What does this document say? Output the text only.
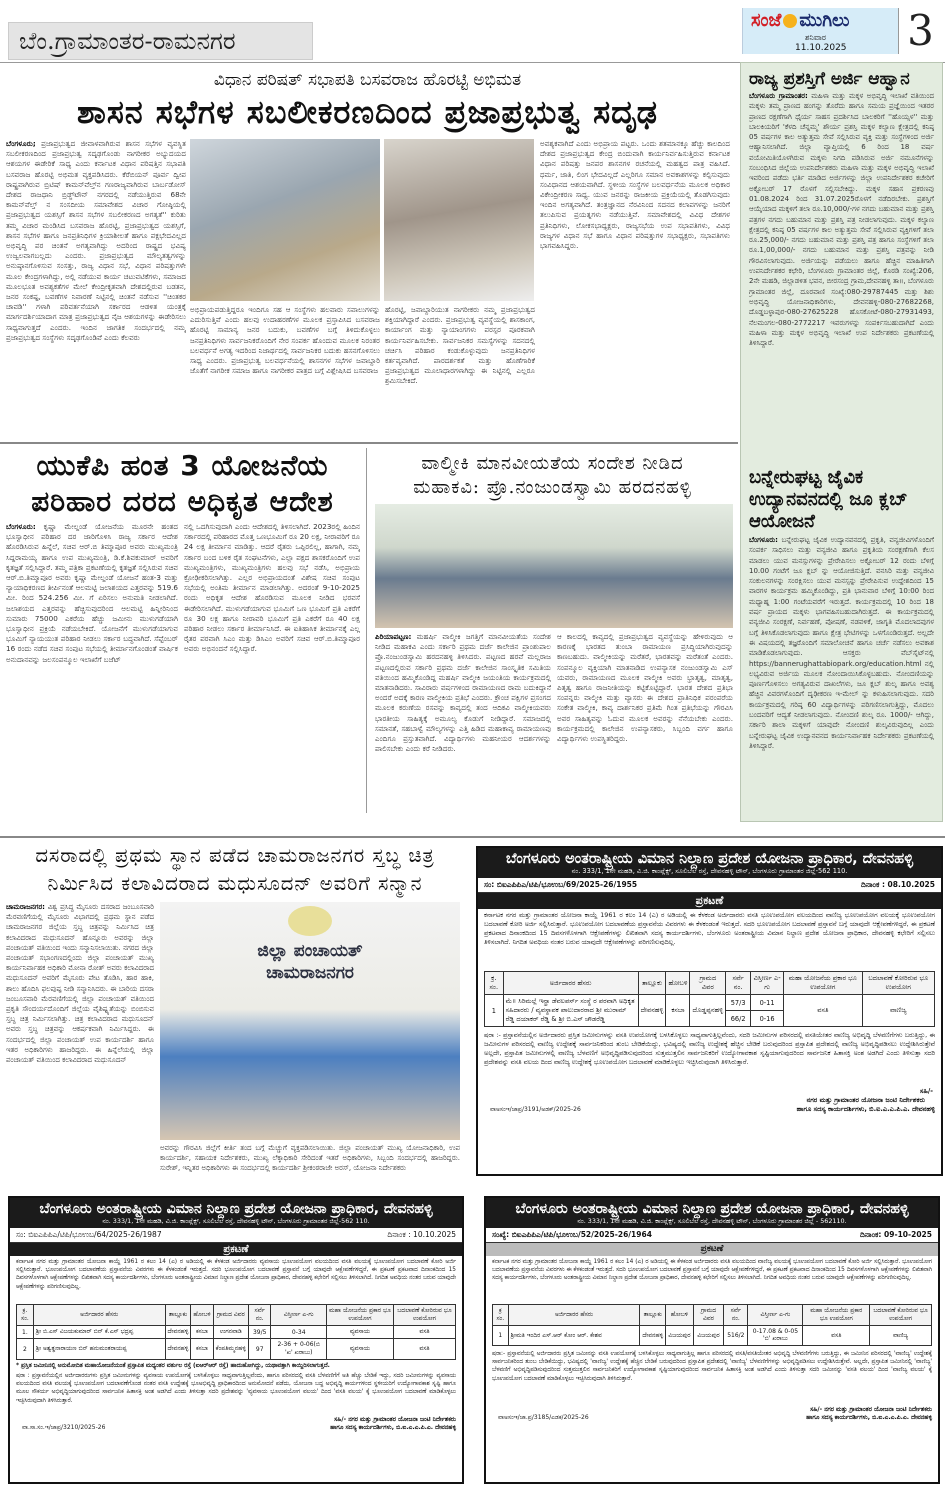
ಬೆಂ.ಗ್ರಾಮಾಂತರ-ರಾಮನಗರ
ಸಂಜೆ ಮುಗಿಲು
ಶನಿವಾರ
11.10.2025 3
ವಿಧಾನ ಪರಿಷತ್ ಸಭಾಪತಿ ಬಸವರಾಜ ಹೊರಟ್ಟಿ ಅಭಿಮತ
ಶಾಸನ ಸಭೆಗಳ ಸಬಲೀಕರಣದಿಂದ ಪ್ರಜಾಪ್ರಭುತ್ವ ಸದೃಢ
ಬೆಂಗಳೂರು; ಪ್ರಜಾಪ್ರಭುತ್ವದ ಜೀವಾಳವಾಗಿರುವ ಶಾಸನ ಸಭೆಗಳ ವ್ಯವಸ್ಥಿತ ಸಬಲೀಕರಣದಿಂದ ಪ್ರಜಾಪ್ರಭುತ್ವ ಸದೃಢಗೊಂಡು ನಾಗರೀಕರ ಅಭ್ಯುದಯದ ಆಶಯಗಳ ಈಡೇರಿಕೆ ಸಾಧ್ಯ ಎಂದು ಕರ್ನಾಟಕ ವಿಧಾನ ಪರಿಷತ್ತಿನ ಸಭಾಪತಿ ಬಸವರಾಜ ಹೊರಟ್ಟಿ ಅಭಿಮತ ವ್ಯಕ್ತಪಡಿಸಿದರು. ಕೆರೆಬಿಯನ್ ಪೂರ್ವ ದ್ವೀಪ ರಾಷ್ಟ್ರವಾಗಿರುವ ಬ್ರಿಟಿಷ್ ಕಾಮನ್‌ವೆಲ್ತ್‌ನ ಗಣರಾಜ್ಯವಾಗಿರುವ ಬಾರ್ಬಡೋಸ್ ದೇಶದ ರಾಜಧಾನಿ ಬ್ರಿಡ್ಜ್‌ಟೌನ್ ನಗರದಲ್ಲಿ ನಡೆಯುತ್ತಿರುವ 68ನೇ ಕಾಮನ್‌ವೆಲ್ತ್ ನ ಸಂಸದೀಯ ಸಮಾವೇಶದ ವಿಚಾರ ಗೋಷ್ಠಿಯಲ್ಲಿ ಪ್ರಜಾಪ್ರಭುತ್ವದ ಯಶಸ್ಸಿಗೆ ಶಾಸನ ಸಭೆಗಳ ಸಬಲೀಕರಣದ ಅಗತ್ಯತೆ'' ಕುರಿತು ತಮ್ಮ ವಿಚಾರ ಮಂಡಿಸಿದ ಬಸವರಾಜ ಹೊರಟ್ಟಿ, ಪ್ರಜಾಪ್ರಭುತ್ವದ ಯಶಸ್ಸಿಗೆ, ಶಾಸನ ಸಭೆಗಳ ಹಾಗೂ ಜನಪ್ರತಿನಿಧಿಗಳ ಕ್ರಿಯಾಶೀಲತೆ ಹಾಗೂ ಪಕ್ಷಭೇದವಿಲ್ಲದ ಅಭಿವೃದ್ಧಿ ಪರ ಚಿಂತನೆ ಅಗತ್ಯವಾಗಿದ್ದು ಅದರಿಂದ ರಾಷ್ಟ್ರದ ಭವಿಷ್ಯ ಉಜ್ವಲವಾಗಬಲ್ಲದು ಎಂದರು. ಪ್ರಜಾಪ್ರಭುತ್ವದ ಮೌಲ್ಯತತ್ವಗಳನ್ನು ಅನುಷ್ಠಾನಗೊಳಿಸುವ ಸಂಸತ್ತು, ರಾಜ್ಯ ವಿಧಾನ ಸಭೆ, ವಿಧಾನ ಪರಿಷತ್ತುಗಳೇ ಮೂಲ ಕೇಂದ್ರಗಳಾಗಿದ್ದು, ಅಲ್ಲಿ ನಡೆಯುವ ಕಾರ್ಯ ಚಟುವಟಿಕೆಗಳು, ಸಮಾಜದ ಮೂಲಭೂತ ಅವಶ್ಯಕತೆಗಳ ಮೇಲೆ ಕೇಂದ್ರೀಕೃತವಾಗಿ ದೇಶದಲ್ಲಿರುವ ಬಡತನ, ಜನರ ಸಂಕಷ್ಟ, ಬವಣೆಗಳ ನಿವಾರಣೆ ನಿಟ್ಟಿನಲ್ಲಿ ಚಿಂತನೆ ನಡೆಸುವ ''ಚಿಂತಕರ ಚಾವಡಿ'' ಗಳಾಗಿ ಪರಿವರ್ತನೆಯಾಗಿ ಸರ್ಕಾರದ ಆಡಳಿತ ಯಂತ್ರಕ್ಕೆ ಮಾರ್ಗದರ್ಶಿಯಾದಾಗ ಮಾತ್ರ ಪ್ರಜಾಪ್ರಭುತ್ವದ ನೈಜ ಆಶಯಗಳನ್ನು ಈಡೇರಿಸಲು ಸಾಧ್ಯವಾಗುತ್ತದೆ ಎಂದರು. ಇಂದಿನ ಜಾಗತಿಕ ಸಂದರ್ಭದಲ್ಲಿ ನಮ್ಮ ಪ್ರಜಾಪ್ರಭುತ್ವದ ಸಂಸ್ಥೆಗಳು ಸದೃಢಗೊಂಡಿವೆ ಎಂದು ಕೆಲವರು
ಅಭಿಪ್ರಾಯಪಡುತ್ತಿದ್ದರೂ ಇಂದಿಗೂ ಸಹ ಆ ಸಂಸ್ಥೆಗಳು ಹಲವಾರು ಸವಾಲುಗಳನ್ನು ಎದುರಿಸುತ್ತಿವೆ ಎಂದು ಹಲವು ಉದಾಹರಣೆಗಳ ಮೂಲಕ ಪ್ರಸ್ತಾಪಿಸಿದ ಬಸವರಾಜ ಹೊರಟ್ಟಿ ಸಾಮಾನ್ಯ ಜನರ ಬದುಕು, ಬವಣೆಗಳ ಬಗ್ಗೆ ತಿಳಿದುಕೊಳ್ಳಲು ಜನಪ್ರತಿನಿಧಿಗಳು ಸಾರ್ವಜನಿಕರೊಂದಿಗೆ ನೇರ ಸಂಪರ್ಕ ಹೊಂದುವ ಮೂಲಕ ನಿರಂತರ ಬಲವರ್ಧನೆ ಅಗತ್ಯ ಇದರಿಂದ ನಿಜಾರ್ಥದಲ್ಲಿ ಸಾರ್ವಜನಿಕರ ಬದುಕು ಹಸನಗೊಳಿಸಲು ಸಾಧ್ಯ ಎಂದರು. ಪ್ರಜಾಪ್ರಭುತ್ವ ಬಲವರ್ಧನೆಯಲ್ಲಿ ಶಾಸನಗಳ ಸಭೆಗಳ ಜವಾಬ್ದಾರಿ ಜೊತೆಗೆ ನಾಗರೀಕ ಸಮಾಜ ಹಾಗೂ ನಾಗರೀಕರ ಪಾತ್ರದ ಬಗ್ಗೆ ವಿಶ್ಲೇಷಿಸಿದ ಬಸವರಾಜ
ಹೊರಟ್ಟಿ, ಜವಾಬ್ದಾರಿಯುತ ನಾಗರೀಕರು ನಮ್ಮ ಪ್ರಜಾಪ್ರಭುತ್ವದ ಶಕ್ತಿಯಾಗಿದ್ದಾರೆ ಎಂದರು. ಪ್ರಜಾಪ್ರಭುತ್ವ ವ್ಯವಸ್ಥೆಯಲ್ಲಿ ಶಾಸಕಾಂಗ, ಕಾರ್ಯಾಂಗ ಮತ್ತು ನ್ಯಾಯಾಂಗಗಳು ಪರಸ್ಪರ ಪೂರಕವಾಗಿ ಕಾರ್ಯನಿರ್ವಹಿಸಬೇಕು. ಸಾರ್ವಜನಿಕರ ಸಮಸ್ಯೆಗಳನ್ನು ಸದನದಲ್ಲಿ ಚರ್ಚಿಸಿ ಪರಿಹಾರ ಕಂಡುಕೊಳ್ಳುವುದು ಜನಪ್ರತಿನಿಧಿಗಳ ಕರ್ತವ್ಯವಾಗಿದೆ. ಪಾರದರ್ಶಕತೆ ಮತ್ತು ಹೊಣೆಗಾರಿಕೆ ಪ್ರಜಾಪ್ರಭುತ್ವದ ಮೂಲಾಧಾರಗಳಾಗಿದ್ದು ಈ ನಿಟ್ಟಿನಲ್ಲಿ ಎಲ್ಲರೂ ಶ್ರಮಿಸಬೇಕಿದೆ.
ಅವಶ್ಯಕವಾಗಿದೆ ಎಂದು ಅಭಿಪ್ರಾಯ ಪಟ್ಟರು. ಒಂದು ಶತಮಾನಕ್ಕೂ ಹೆಚ್ಚು ಕಾಲದಿಂದ ದೇಶದ ಪ್ರಜಾಪ್ರಭುತ್ವದ ಕೇಂದ್ರ ಬಿಂದುವಾಗಿ ಕಾರ್ಯನಿರ್ವಹಿಸುತ್ತಿರುವ ಕರ್ನಾಟಕ ವಿಧಾನ ಪರಿಷತ್ತು ಜನಪರ ಶಾಸನಗಳ ರಚನೆಯಲ್ಲಿ ಮಹತ್ವದ ಪಾತ್ರ ವಹಿಸಿದೆ. ಧರ್ಮ, ಜಾತಿ, ಲಿಂಗ ಭೇದವಿಲ್ಲದೆ ಎಲ್ಲರಿಗೂ ಸಮಾನ ಅವಕಾಶಗಳನ್ನು ಕಲ್ಪಿಸುವುದು ಸಂವಿಧಾನದ ಆಶಯವಾಗಿದೆ. ಸ್ಥಳೀಯ ಸಂಸ್ಥೆಗಳ ಬಲವರ್ಧನೆಯ ಮೂಲಕ ಅಧಿಕಾರ ವಿಕೇಂದ್ರೀಕರಣ ಸಾಧ್ಯ. ಯುವ ಜನರನ್ನು ರಾಜಕೀಯ ಪ್ರಕ್ರಿಯೆಯಲ್ಲಿ ತೊಡಗಿಸುವುದು ಇಂದಿನ ಅಗತ್ಯವಾಗಿದೆ. ತಂತ್ರಜ್ಞಾನದ ನೆರವಿನಿಂದ ಸದನದ ಕಲಾಪಗಳನ್ನು ಜನರಿಗೆ ತಲುಪಿಸುವ ಪ್ರಯತ್ನಗಳು ನಡೆಯುತ್ತಿವೆ. ಸಮಾವೇಶದಲ್ಲಿ ವಿವಿಧ ದೇಶಗಳ ಪ್ರತಿನಿಧಿಗಳು, ಲೋಕಸಭಾಧ್ಯಕ್ಷರು, ರಾಜ್ಯಸಭೆಯ ಉಪ ಸಭಾಪತಿಗಳು, ವಿವಿಧ ರಾಜ್ಯಗಳ ವಿಧಾನ ಸಭೆ ಹಾಗೂ ವಿಧಾನ ಪರಿಷತ್ತುಗಳ ಸಭಾಧ್ಯಕ್ಷರು, ಸಭಾಪತಿಗಳು ಭಾಗವಹಿಸಿದ್ದರು.
ರಾಜ್ಯ ಪ್ರಶಸ್ತಿಗೆ ಅರ್ಜಿ ಆಹ್ವಾನ
ಬೆಂಗಳೂರು ಗ್ರಾಮಾಂತರ: ಮಹಿಳಾ ಮತ್ತು ಮಕ್ಕಳ ಅಭಿವೃದ್ಧಿ ಇಲಾಖೆ ವತಿಯಿಂದ ಮಕ್ಕಳು ತಮ್ಮ ಪ್ರಾಣದ ಹಂಗನ್ನು ತೊರೆದು ಹಾಗೂ ಸಮಯ ಪ್ರಜ್ಞೆಯಿಂದ ಇತರರ ಪ್ರಾಣದ ರಕ್ಷಣೆಗಾಗಿ ಧೈರ್ಯ ಸಾಹಸ ಪ್ರದರ್ಶಿಸಿದ ಬಾಲಕರಿಗೆ ''ಹೊಯ್ಸಳ'' ಮತ್ತು ಬಾಲಕಿಯರಿಗೆ 'ಕೆಳದಿ ಚೆನ್ನಮ್ಮ' ಶೌರ್ಯ ಪ್ರಶಸ್ತಿ ಮಕ್ಕಳ ಕಲ್ಯಾಣ ಕ್ಷೇತ್ರದಲ್ಲಿ ಕನಿಷ್ಠ 05 ವರ್ಷಗಳ ಕಾಲ ಅತ್ಯುತ್ತಮ ಸೇವೆ ಸಲ್ಲಿಸಿರುವ ವ್ಯಕ್ತಿ ಮತ್ತು ಸಂಸ್ಥೆಗಳಿಂದ ಅರ್ಜಿ ಆಹ್ವಾನಿಸಲಾಗಿದೆ. ಜಿಲ್ಲಾ ವ್ಯಾಪ್ತಿಯಲ್ಲಿ 6 ರಿಂದ 18 ವರ್ಷ ವಯೋಮಿತಿಯೊಳಗಿರುವ ಮಕ್ಕಳು ನಿಗದಿ ಪಡಿಸಿರುವ ಅರ್ಜಿ ನಮೂನೆಗಳನ್ನು ಸಂಬಂಧಿಸಿದ ಜಿಲ್ಲೆಯ ಉಪನಿರ್ದೇಶಕರು ಮಹಿಳಾ ಮತ್ತು ಮಕ್ಕಳ ಅಭಿವೃದ್ಧಿ ಇಲಾಖೆ ಇವರಿಂದ ಪಡೆದು ಭರ್ತಿ ಮಾಡಿದ ಅರ್ಜಿಗಳನ್ನು ಜಿಲ್ಲಾ ಉಪನಿರ್ದೇಶಕರ ಕಚೇರಿಗೆ ಅಕ್ಟೋಬರ್ 17 ರೊಳಗೆ ಸಲ್ಲಿಸಬೇಕಿದ್ದು. ಮಕ್ಕಳ ಸಹಾಸ ಪ್ರಕರಣವು 01.08.2024 ರಿಂದ 31.07.2025ರೊಳಗೆ ನಡೆದಿರಬೇಕು. ಪ್ರಶಸ್ತಿಗೆ ಆಯ್ಕೆಯಾದ ಮಕ್ಕಳಿಗೆ ತಲಾ ರೂ.10,000/-ಗಳ ನಗದು ಬಹುಮಾನ ಮತ್ತು ಪ್ರಶಸ್ತಿ ಪತ್ರಗಳ ನಗದು ಬಹುಮಾನ ಮತ್ತು ಪ್ರಶಸ್ತಿ ಪತ್ರ ನೀಡಲಾಗುವುದು. ಮಕ್ಕಳ ಕಲ್ಯಾಣ ಕ್ಷೇತ್ರದಲ್ಲಿ ಕನಿಷ್ಠ 05 ವರ್ಷಗಳ ಕಾಲ ಅತ್ಯುತ್ತಮ ಸೇವೆ ಸಲ್ಲಿಸಿರುವ ವ್ಯಕ್ತಿಗಳಿಗೆ ತಲಾ ರೂ.25,000/- ನಗದು ಬಹುಮಾನ ಮತ್ತು ಪ್ರಶಸ್ತಿ ಪತ್ರ ಹಾಗೂ ಸಂಸ್ಥೆಗಳಿಗೆ ತಲಾ ರೂ.1,00,000/- ನಗದು ಬಹುಮಾನ ಮತ್ತು ಪ್ರಶಸ್ತಿ ಪತ್ರವನ್ನು ನೀಡಿ ಗೌರವಿಸಲಾಗುವುದು. ಅರ್ಜಿಯನ್ನು ಪಡೆಯಲು ಹಾಗೂ ಹೆಚ್ಚಿನ ಮಾಹಿತಿಗಾಗಿ ಉಪನಿರ್ದೇಶಕರ ಕಛೇರಿ, ಬೆಂಗಳೂರು ಗ್ರಾಮಾಂತರ ಜಿಲ್ಲೆ, ಕೊಠಡಿ ಸಂಖ್ಯೆ:206, 2ನೇ ಮಹಡಿ, ಜಿಲ್ಲಾಡಳಿತ ಭವನ, ಬೀರಸಂದ್ರ ಗ್ರಾಮ,ದೇವನಹಳ್ಳಿ ತಾ॥, ಬೆಂಗಳೂರು ಗ್ರಾಮಾಂತರ ಜಿಲ್ಲೆ, ದೂರವಾಣಿ ಸಂಖ್ಯೆ:080-29787445 ಮತ್ತು ಶಿಶು ಅಭಿವೃದ್ಧಿ ಯೋಜನಾಧಿಕಾರಿಗಳು, ದೇವನಹಳ್ಳಿ-080-27682268, ದೊಡ್ಡಬಳ್ಳಾಪುರ-080-27625228 ಹೊಸಕೋಟೆ-080-27931493, ನೆಲಮಂಗಲ-080-2772217 ಇವರುಗಳನ್ನು ಸಂಪರ್ಕಿಸಬಹುದಾಗಿದೆ ಎಂದು ಮಹಿಳಾ ಮತ್ತು ಮಕ್ಕಳ ಅಭಿವೃದ್ಧಿ ಇಲಾಖೆ ಉಪ ನಿರ್ದೇಶಕರು ಪ್ರಕಟಣೆಯಲ್ಲಿ ತಿಳಿಸಿದ್ದಾರೆ.
ಬನ್ನೇರುಘಟ್ಟ ಜೈವಿಕ ಉದ್ಯಾನವನದಲ್ಲಿ ಜೂ ಕ್ಲಬ್ ಆಯೋಜನೆ
ಬೆಂಗಳೂರು: ಬನ್ನೇರುಘಟ್ಟ ಜೈವಿಕ ಉದ್ಯಾನವನದಲ್ಲಿ ಪ್ರಕೃತಿ, ವನ್ಯಜೀವಿಗಳೊಂದಿಗೆ ಸಂಪರ್ಕ ಸಾಧಿಸಲು ಮತ್ತು ವನ್ಯಜೀವಿ ಹಾಗೂ ಪ್ರಕೃತಿಯ ಸಂರಕ್ಷಣೆಗಾಗಿ ಕೆಲಸ ಮಾಡಲು ಯುವ ಮನಸ್ಸುಗಳನ್ನು ಪ್ರೇರೇಪಿಸಲು ಅಕ್ಟೋಬರ್ 12 ರಂದು ಬೆಳಿಗ್ಗೆ 10.00 ಗಂಟೆಗೆ ಜೂ ಕ್ಲಬ್ ನ್ನು ಆಯೋಜಿಸುತ್ತಿದೆ. ವನಸಿರಿ ಮತ್ತು ವನ್ಯಜೀವಿ ಸಂಕುಲನಗಳನ್ನು ಸಂರಕ್ಷಿಸಲು ಯುವ ಮನಸ್ಸನ್ನು ಪ್ರೇರೇಪಿಸುವ ಉದ್ದೇಶದಿಂದ 15 ವಾರಗಳ ಕಾರ್ಯಕ್ರಮ ಹಮ್ಮಿಕೊಂಡಿದ್ದು, ಪ್ರತಿ ಭಾನುವಾರ ಬೆಳಿಗ್ಗೆ 10:00 ರಿಂದ ಮಧ್ಯಾಹ್ನ 1:00 ಗಂಟೆಯವರೆಗೆ ಇರುತ್ತದೆ. ಕಾರ್ಯಕ್ರಮದಲ್ಲಿ 10 ರಿಂದ 18 ವರ್ಷ ಪ್ರಾಯದ ಮಕ್ಕಳು ಭಾಗವಹಿಸಬಹುದಾಗಿರುತ್ತದೆ. ಈ ಕಾರ್ಯಕ್ರಮದಲ್ಲಿ ವನ್ಯಜೀವಿ ಸಂರಕ್ಷಣೆ, ನಿರ್ವಹಣೆ, ಪೋಷಣೆ, ನಡವಳಿಕೆ, ಜಾಗೃತಿ ಮೊದಲಾದವುಗಳ ಬಗ್ಗೆ ತಿಳಿಸಿಕೊಡಲಾಗುವುದು ಹಾಗೂ ಕ್ಷೇತ್ರ ಭೇಟಿಗಳನ್ನು ಒಳಗೊಂಡಿರುತ್ತದೆ. ಅಲ್ಲದೇ ಈ ವಿಷಯದಲ್ಲಿ ತಜ್ಞರೊಂದಿಗೆ ಸಮಾಲೋಚನೆ ಹಾಗೂ ಚರ್ಚೆ ನಡೆಸಲು ಅವಕಾಶ ಮಾಡಿಕೊಡಲಾಗುವುದು. ಆಸಕ್ತರು ವೆಬ್‌ಸೈಟ್‌ನಲ್ಲಿ https://bannerughattabiopark.org/education.html ನಲ್ಲಿ ಲಭ್ಯವಿರುವ ಅರ್ಜಿಯ ಮೂಲಕ ನೋಂದಾಯಿಸಿಕೊಳ್ಳಬಹುದು. ನೋಂದಣಿಯನ್ನು ಪೂರ್ಣಗೊಳಿಸಲು ಅಗತ್ಯವಿರುವ ದಾಖಲೆಗಳು, ಜೂ ಕ್ಲಬ್ ಶುಲ್ಕ ಹಾಗೂ ಅವಶ್ಯ ಹೆಚ್ಚಿನ ವಿವರಗಳೊಂದಿಗೆ ದೃಢೀಕರಣ ಇ-ಮೇಲ್ ನ್ನು ಕಳುಹಿಸಲಾಗುವುದು. ಸದರಿ ಕಾರ್ಯಕ್ರಮದಲ್ಲಿ ಗರಿಷ್ಠ 60 ವಿದ್ಯಾರ್ಥಿಗಳನ್ನು ಪರಿಗಣಿಸಲಾಗುತ್ತಿದ್ದು, ಮೊದಲು ಬಂದವರಿಗೆ ಆದ್ಯತೆ ನೀಡಲಾಗುವುದು. ನೋಂದಣಿ ಶುಲ್ಕ ರೂ. 1000/- ಆಗಿದ್ದು, ಸರ್ಕಾರಿ ಶಾಲಾ ಮಕ್ಕಳಿಗೆ ಯಾವುದೇ ನೋಂದಣಿ ಶುಲ್ಕವಿರುವುದಿಲ್ಲ ಎಂದು ಬನ್ನೇರುಘಟ್ಟ ಜೈವಿಕ ಉದ್ಯಾನವನದ ಕಾರ್ಯನಿರ್ವಾಹಕ ನಿರ್ದೇಶಕರು ಪ್ರಕಟಣೆಯಲ್ಲಿ ತಿಳಿಸಿದ್ದಾರೆ.
ಯುಕೆಪಿ ಹಂತ 3 ಯೋಜನೆಯ
ಪರಿಹಾರ ದರದ ಅಧಿಕೃತ ಆದೇಶ
ಬೆಂಗಳೂರು: ಕೃಷ್ಣಾ ಮೇಲ್ದಂಡೆ ಯೋಜನೆಯ ಮೂರನೇ ಹಂತದ ಭೂಸ್ವಾಧೀನ ಪರಿಹಾರ ದರ ಜಾರಿಗೊಳಿಸಿ ರಾಜ್ಯ ಸರ್ಕಾರ ಆದೇಶ ಹೊರಡಿಸಿರುವ ಹಿನ್ನೆಲೆ, ಸಚಿವ ಆರ್.ಬಿ ತಿಮ್ಮಾಪೂರ ಅವರು ಮುಖ್ಯಮಂತ್ರಿ ಸಿದ್ದರಾಮಯ್ಯ ಹಾಗೂ ಉಪ ಮುಖ್ಯಮಂತ್ರಿ, ಡಿ.ಕೆ.ಶಿವಕುಮಾರ್ ಅವರಿಗೆ ಕೃತಜ್ಞತೆ ಸಲ್ಲಿಸಿದ್ದಾರೆ. ತಮ್ಮ ಪತ್ರಿಕಾ ಪ್ರಕಟಣೆಯಲ್ಲಿ ಕೃತಜ್ಞತೆ ಸಲ್ಲಿಸಿರುವ ಸಚಿವ ಆರ್.ಬಿ.ತಿಮ್ಮಾಪೂರ ಅವರು ಕೃಷ್ಣಾ ಮೇಲ್ದಂಡೆ ಯೋಜನೆ ಹಂತ-3 ಮತ್ತು ನ್ಯಾಯಾಧಿಕರಣದ ತೀರ್ಪಿನಂತೆ ಆಲಮಟ್ಟಿ ಜಲಾಶಯದ ಎತ್ತರವನ್ನು 519.6 ಮೀ. ರಿಂದ 524.256 ಮೀ. ಗೆ ಏರಿಸಲು ಅನುಮತಿ ನೀಡಲಾಗಿದೆ. ಜಲಾಶಯದ ಎತ್ತರವನ್ನು ಹೆಚ್ಚಿಸುವುದರಿಂದ ಆಲಮಟ್ಟಿ ಹಿನ್ನೀರಿನಿಂದ ಸುಮಾರು 75000 ಎಕರೆಯ ಹೆಚ್ಚು ಜಮೀನು ಮುಳುಗಡೆಯಾಗಿ ಭೂಸ್ವಾಧೀನ ಪ್ರಕ್ರಿಯೆ ನಡೆಯಬೇಕಿದೆ. ಯೋಜನೆಗೆ ಮುಳುಗಡೆಯಾಗುವ ಭೂಮಿಗೆ ನ್ಯಾಯಯುತ ಪರಿಹಾರ ನೀಡಲು ಸರ್ಕಾರ ಬದ್ಧವಾಗಿದೆ. ಸೆಪ್ಟೆಂಬರ್ 16 ರಂದು ನಡೆದ ಸಚಿವ ಸಂಪುಟ ಸಭೆಯಲ್ಲಿ ತೀರ್ಮಾನಗೊಂಡಂತೆ ವಾರ್ಷಿಕ ಅನುದಾನವನ್ನು ಜಲಸಂಪನ್ಮೂಲ ಇಲಾಖೆಗೆ ಬಜೆಟ್
ನಲ್ಲಿ ಒದಗಿಸುವುದಾಗಿ ಎಂದು ಆದೇಶದಲ್ಲಿ ತಿಳಿಸಲಾಗಿದೆ. 2023ರಲ್ಲಿ ಹಿಂದಿನ ಸರ್ಕಾರದಲ್ಲಿ ಪರಿಹಾರದ ಮೊತ್ತ ಒಣಭೂಮಿಗೆ ರೂ 20 ಲಕ್ಷ, ನೀರಾವರಿಗೆ ರೂ 24 ಲಕ್ಷ ತೀರ್ಮಾನ ಮಾಡಿತ್ತು. ಆದರೆ ರೈತರು ಒಪ್ಪಿರಲಿಲ್ಲ, ಹಾಗಾಗಿ, ನಮ್ಮ ಸರ್ಕಾರ ಬಂದ ಬಳಿಕ ರೈತ ಸಂಘಟನೆಗಳು, ಎಲ್ಲಾ ಪಕ್ಷದ ಶಾಸಕರೊಂದಿಗೆ ಉಪ ಮುಖ್ಯಮಂತ್ರಿಗಳು, ಮುಖ್ಯಮಂತ್ರಿಗಳು ಹಲವು ಸಭೆ ನಡೆಸಿ, ಅಭಿಪ್ರಾಯ ಕ್ರೋಢೀಕರಿಸಲಾಗಿತ್ತು. ಎಲ್ಲರ ಅಭಿಪ್ರಾಯದಂತೆ ವಿಶೇಷ ಸಚಿವ ಸಂಪುಟ ಸಭೆಯಲ್ಲಿ ಅಂತಿಮ ತೀರ್ಮಾನ ಮಾಡಲಾಗಿತ್ತು. ಅದರಂತೆ 9-10-2025 ರಂದು ಅಧಿಕೃತ ಆದೇಶ ಹೊರಡಿಸುವ ಮೂಲಕ ನೀಡಿದ ಭರವಸೆ ಈಡೇರಿಸಲಾಗಿದೆ. ಮುಳುಗಡೆಯಾಗುವ ಭೂಮಿಗೆ ಒಣ ಭೂಮಿಗೆ ಪ್ರತಿ ಎಕರೆಗೆ ರೂ 30 ಲಕ್ಷ ಹಾಗೂ ನೀರಾವರಿ ಭೂಮಿಗೆ ಪ್ರತಿ ಎಕರೆಗೆ ರೂ 40 ಲಕ್ಷ ಪರಿಹಾರ ನೀಡಲು ಸರ್ಕಾರ ತೀರ್ಮಾನಿಸಿದೆ. ಈ ಐತಿಹಾಸಿಕ ತೀರ್ಮಾನಕ್ಕೆ ಎಲ್ಲ ರೈತರ ಪರವಾಗಿ ಸಿಎಂ ಮತ್ತು ಡಿಸಿಎಂ ಅವರಿಗೆ ಸಚಿವ ಆರ್.ಬಿ.ತಿಮ್ಮಾಪೂರ ಅವರು ಅಭಿನಂದನೆ ಸಲ್ಲಿಸಿದ್ದಾರೆ.
ವಾಲ್ಮೀಕಿ ಮಾನವೀಯತೆಯ ಸಂದೇಶ ನೀಡಿದ
ಮಹಾಕವಿ: ಪ್ರೊ.ನಂಜುಂಡಸ್ವಾಮಿ ಹರದನಹಳ್ಳಿ
ಪಿರಿಯಾಪಟ್ಟಣ: ಮಹರ್ಷಿ ವಾಲ್ಮೀಕಿ ಜಗತ್ತಿಗೆ ಮಾನವೀಯತೆಯ ಸಂದೇಶ ನೀಡಿದ ಮಹಾಕವಿ ಎಂದು ಸರ್ಕಾರಿ ಪ್ರಥಮ ದರ್ಜೆ ಕಾಲೇಜಿನ ಪ್ರಾಂಶುಪಾಲ ಪ್ರೊ.ನಂಜುಂಡಸ್ವಾಮಿ ಹರದನಹಳ್ಳಿ ತಿಳಿಸಿದರು. ಪಟ್ಟಣದ ಹರವೆ ಮಲ್ಲರಾಜ ಪಟ್ಟಣದಲ್ಲಿರುವ ಸರ್ಕಾರಿ ಪ್ರಥಮ ದರ್ಜೆ ಕಾಲೇಜಿನ ಸಾಂಸ್ಕೃತಿಕ ಸಮಿತಿಯ ವತಿಯಿಂದ ಹಮ್ಮಿಕೊಂಡಿದ್ದ ಮಹರ್ಷಿ ವಾಲ್ಮೀಕಿ ಜಯಂತಿಯ ಕಾರ್ಯಕ್ರಮದಲ್ಲಿ ಮಾತನಾಡಿದರು. ಸಾವಿರಾರು ವರ್ಷಗಳಿಂದ ರಾಮಾಯಣದ ರಾಮ ಬದುಕಿದ್ದಾನೆ ಅಂದರೆ ಅದಕ್ಕೆ ಕಾರಣ ವಾಲ್ಮೀಕಿಯ ಪ್ರತಿಭೆ ಎಂದರು. ಕ್ರೌಂಚ ಪಕ್ಷಿಗಳ ಪ್ರಸಂಗದ ಮೂಲಕ ಕರುಣೆಯ ರಸವನ್ನು ಕಾವ್ಯದಲ್ಲಿ ತಂದ ಆದಿಕವಿ ವಾಲ್ಮೀಕಿಯವರು ಭಾರತೀಯ ಸಾಹಿತ್ಯಕ್ಕೆ ಅಮೂಲ್ಯ ಕೊಡುಗೆ ನೀಡಿದ್ದಾರೆ. ಸಮಾಜದಲ್ಲಿ ಸಮಾನತೆ, ಸಹಬಾಳ್ವೆ ಮೌಲ್ಯಗಳನ್ನು ಎತ್ತಿ ಹಿಡಿದ ಮಹಾಕಾವ್ಯ ರಾಮಾಯಣವು ಎಂದಿಗೂ ಪ್ರಸ್ತುತವಾಗಿದೆ. ವಿದ್ಯಾರ್ಥಿಗಳು ಮಹನೀಯರ ಆದರ್ಶಗಳನ್ನು ಪಾಲಿಸಬೇಕು ಎಂದು ಕರೆ ನೀಡಿದರು.
ಆ ಕಾಲದಲ್ಲಿ ಕಾವ್ಯದಲ್ಲಿ ಪ್ರಜಾಪ್ರಭುತ್ವದ ವ್ಯವಸ್ಥೆಯನ್ನು ಹೇಳಿರುವುದು ಆ ಕಾರಣಕ್ಕೆ ಭಾರತದ ತುಂಬಾ ರಾಮಾಯಣ ಪ್ರಸಿದ್ಧಿಯಾಗಿರುವುದನ್ನು ಕಾಣಬಹುದು. ವಾಲ್ಮೀಕಿಯನ್ನು ಮರೆತರೆ, ಭಾರತವನ್ನು ಮರೆತಂತೆ ಎಂದರು. ಸಂಪನ್ಮೂಲ ವ್ಯಕ್ತಿಯಾಗಿ ಮಾತನಾಡಿದ ಉಪನ್ಯಾಸಕ ನಂಜುಂಡಸ್ವಾಮಿ ಎಸ್ ಯವರು, ರಾಮಾಯಣದ ಮೂಲಕ ವಾಲ್ಮೀಕಿ ಅವರು ಭ್ರಾತೃತ್ವ, ಮಾತೃತ್ವ, ಪಿತೃತ್ವ ಹಾಗೂ ರಾಜನೀತಿಯನ್ನು ಕಟ್ಟಿಕೊಟ್ಟಿದ್ದಾರೆ. ಭಾರತ ದೇಶದ ಪ್ರತಿಭಾ ಸಂಪನ್ನರು ವಾಲ್ಮೀಕಿ ಮತ್ತು ವ್ಯಾಸರು ಈ ದೇಶದ ಪ್ರಾತಿನಿಧಿಕ ಪರಂಪರೆಯ ಸಂಕೇತ ವಾಲ್ಮೀಕಿ, ಕಾವ್ಯ ದಾರ್ಶನಿಕರ ಪ್ರತಿಮೆ ಗಿಂತ ಪ್ರತಿಭೆಯನ್ನು ಗೌರವಿಸಿ ಅವರ ಸಾಹಿತ್ಯವನ್ನು ಓದುವ ಮೂಲಕ ಅವರನ್ನು ನೆನೆಯಬೇಕು ಎಂದರು. ಕಾರ್ಯಕ್ರಮದಲ್ಲಿ ಕಾಲೇಜಿನ ಉಪನ್ಯಾಸಕರು, ಸಿಬ್ಬಂದಿ ವರ್ಗ ಹಾಗೂ ವಿದ್ಯಾರ್ಥಿಗಳು ಉಪಸ್ಥಿತರಿದ್ದರು.
ದಸರಾದಲ್ಲಿ ಪ್ರಥಮ ಸ್ಥಾನ ಪಡೆದ ಚಾಮರಾಜನಗರ ಸ್ತಬ್ಧ ಚಿತ್ರ
ನಿರ್ಮಿಸಿದ ಕಲಾವಿದರಾದ ಮಧುಸೂದನ್ ಅವರಿಗೆ ಸನ್ಮಾನ
ಚಾಮರಾಜನಗರ: ವಿಶ್ವ ಪ್ರಸಿದ್ಧ ಮೈಸೂರು ದಸರಾದ ಜಂಬೂಸವಾರಿ ಮೆರವಣಿಗೆಯಲ್ಲಿ ಮೈಸೂರು ವಿಭಾಗದಲ್ಲಿ ಪ್ರಥಮ ಸ್ಥಾನ ಪಡೆದ ಚಾಮರಾಜನಗರ ಜಿಲ್ಲೆಯ ಸ್ತಬ್ಧ ಚಿತ್ರವನ್ನು ನಿರ್ಮಿಸಿದ ಚಿತ್ರ ಕಲಾವಿದರಾದ ಮಧುಸೂದನ್ ಹೊನ್ನೂರು ಅವರನ್ನು ಜಿಲ್ಲಾ ಪಂಚಾಯತ್ ವತಿಯಿಂದ ಇಂದು ಸನ್ಮಾನಿಸಲಾಯಿತು. ನಗರದ ಜಿಲ್ಲಾ ಪಂಚಾಯತ್ ಸಭಾಂಗಣದಲ್ಲಿಂದು ಜಿಲ್ಲಾ ಪಂಚಾಯತ್ ಮುಖ್ಯ ಕಾರ್ಯನಿರ್ವಾಹಕ ಅಧಿಕಾರಿ ಮೋನಾ ರೋತ್ ಅವರು ಕಲಾವಿದರಾದ ಮಧುಸೂದನ್ ಅವರಿಗೆ ಮೈಸೂರು ಪೇಟ ತೊಡಿಸಿ, ಹಾರ ಹಾಕಿ, ಶಾಲು ಹೊದಿಸಿ ಫಲಪುಷ್ಪ ನೀಡಿ ಸನ್ಮಾನಿಸಿದರು. ಈ ಬಾರಿಯ ದಸರಾ ಜಂಬೂಸವಾರಿ ಮೆರವಣಿಗೆಯಲ್ಲಿ ಜಿಲ್ಲಾ ಪಂಚಾಯತ್ ವತಿಯಿಂದ ಪ್ರಕೃತಿ ಸೌಂದರ್ಯದೊಂದಿಗೆ ಜಿಲ್ಲೆಯ ವೈಶಿಷ್ಟ್ಯತೆಯನ್ನು ಬಿಂಬಿಸುವ ಸ್ತಬ್ಧ ಚಿತ್ರ ನಿರ್ಮಿಸಲಾಗಿತ್ತು. ಚಿತ್ರ ಕಲಾವಿದರಾದ ಮಧುಸೂದನ್ ಅವರು ಸ್ತಬ್ಧ ಚಿತ್ರವನ್ನು ಆಕರ್ಷಕವಾಗಿ ನಿರ್ಮಿಸಿದ್ದರು. ಈ ಸಂದರ್ಭದಲ್ಲಿ ಜಿಲ್ಲಾ ಪಂಚಾಯತ್ ಉಪ ಕಾರ್ಯದರ್ಶಿ ಹಾಗೂ ಇತರ ಅಧಿಕಾರಿಗಳು ಹಾಜರಿದ್ದರು. ಈ ಹಿನ್ನೆಲೆಯಲ್ಲಿ ಜಿಲ್ಲಾ ಪಂಚಾಯತ್ ವತಿಯಿಂದ ಕಲಾವಿದರಾದ ಮಧುಸೂದನ್
ಜಿಲ್ಲಾ ಪಂಚಾಯತ್
ಚಾಮರಾಜನಗರ
ಅವರನ್ನು ಗೌರವಿಸಿ ಜಿಲ್ಲೆಗೆ ಕೀರ್ತಿ ತಂದ ಬಗ್ಗೆ ಮೆಚ್ಚುಗೆ ವ್ಯಕ್ತಪಡಿಸಲಾಯಿತು. ಜಿಲ್ಲಾ ಪಂಚಾಯತ್ ಮುಖ್ಯ ಯೋಜನಾಧಿಕಾರಿ, ಉಪ ಕಾರ್ಯದರ್ಶಿ, ಸಹಾಯಕ ನಿರ್ದೇಶಕರು, ಮುಖ್ಯ ಲೆಕ್ಕಾಧಿಕಾರಿ ಸೇರಿದಂತೆ ಇತರೆ ಅಧಿಕಾರಿಗಳು, ಸಿಬ್ಬಂದಿ ಸಂದರ್ಭದಲ್ಲಿ ಹಾಜರಿದ್ದರು. ಸುರೇಶ್, ಇನ್ನಿತರ ಅಧಿಕಾರಿಗಳು ಈ ಸಂದರ್ಭದಲ್ಲಿ ಕಾರ್ಯದರ್ಶಿ ಶ್ರೀಕಂಠರಾಜೇ ಅರಸ್, ಯೋಜನಾ ನಿರ್ದೇಶಕರು
ಬೆಂಗಳೂರು ಅಂತರಾಷ್ಟ್ರೀಯ ವಿಮಾನ ನಿಲ್ದಾಣ ಪ್ರದೇಶ ಯೋಜನಾ ಪ್ರಾಧಿಕಾರ, ದೇವನಹಳ್ಳಿ
ನಂ. 333/1, 1ನೇ ಮಹಡಿ, ವಿ.ಜಿ. ಕಾಂಪ್ಲೆಕ್ಸ್, ಸೂಲಿಬೆಲೆ ರಸ್ತೆ, ದೇವನಹಳ್ಳಿ ಟೌನ್, ಬೆಂಗಳೂರು ಗ್ರಾಮಾಂತರ ಜಿಲ್ಲೆ-562 110.
ಸಂ: ಬಿಐಎಪಿಪಿಎ/ಟಿಪಿ/ಭೂಉಬ/69/2025-26/1955	ದಿನಾಂಕ : 08.10.2025
ಪ್ರಕಟಣೆ
ಕರ್ನಾಟಕ ನಗರ ಮತ್ತು ಗ್ರಾಮಾಂತರ ಯೋಜನಾ ಕಾಯ್ದೆ 1961 ರ ಕಲಂ 14 (ಎ) ರ ಅಡಿಯಲ್ಲಿ ಈ ಕೆಳಕಂಡ ಅರ್ಜಿದಾರರು ವಸತಿ ಭೂಉಪಯೋಗ ವಲಯದಿಂದ ವಾಣಿಜ್ಯ ಭೂಉಪಯೋಗ ವಲಯಕ್ಕೆ ಭೂಉಪಯೋಗ ಬದಲಾವಣೆ ಕೋರಿ ಅರ್ಜಿ ಸಲ್ಲಿಸಿರುತ್ತಾರೆ. ಭೂಉಪಯೋಗ ಬದಲಾವಣೆಯ ಪ್ರಸ್ತಾವನೆಯ ವಿವರಗಳು ಈ ಕೆಳಕಂಡಂತೆ ಇರುತ್ತದೆ. ಸದರಿ ಭೂಉಪಯೋಗ ಬದಲಾವಣೆ ಪ್ರಸ್ತಾವನೆ ಬಗ್ಗೆ ಯಾವುದೇ ಆಕ್ಷೇಪಣೆಗಳಿದ್ದರೆ, ಈ ಪ್ರಕಟಣೆ ಪ್ರಕಟವಾದ ದಿನಾಂಕದಿಂದ 15 ದಿವಸಗಳೊಳಗಾಗಿ ಆಕ್ಷೇಪಣೆಗಳನ್ನು ಲಿಖಿತವಾಗಿ ಸದಸ್ಯ ಕಾರ್ಯದರ್ಶಿಗಳು, ಬೆಂಗಳೂರು ಅಂತರಾಷ್ಟ್ರೀಯ ವಿಮಾನ ನಿಲ್ದಾಣ ಪ್ರದೇಶ ಯೋಜನಾ ಪ್ರಾಧಿಕಾರ, ದೇವನಹಳ್ಳಿ ಕಛೇರಿಗೆ ಸಲ್ಲಿಸಲು ತಿಳಿಸಲಾಗಿದೆ. ನಿಗದಿತ ಅವಧಿಯ ನಂತರ ಬರುವ ಯಾವುದೇ ಆಕ್ಷೇಪಣೆಗಳನ್ನು ಪರಿಗಣಿಸುವುದಿಲ್ಲ.
ಕ್ರ. ಸಂ.	ಅರ್ಜಿದಾರರ ಹೆಸರು	ತಾಲ್ಲೂಕು	ಹೋಬಳಿ	ಗ್ರಾಮದ ವಿವರ	ಸರ್ವೆ ನಂ.	ವಿಸ್ತೀರ್ಣ ಎ-ಗು	ಮಹಾ ಯೋಜನೆಯ ಪ್ರಕಾರ ಭೂ ಉಪಯೋಗ	ಬದಲಾವಣೆ ಕೋರಿರುವ ಭೂ ಉಪಯೋಗ
1	ಮೆ॥ ಸಿರಿಮಲ್ಲೆ ಇನ್ಫ್ರಾ ಡೆವಲಪರ್ಸ್ ಸಂಸ್ಥೆ ರ ಪರವಾಗಿ ಅಧಿಕೃತ ಸಹಿದಾರರು / ವ್ಯವಸ್ಥಾಪಕ ಪಾಲುದಾರರಾದ ಶ್ರೀ ಮುರಾಮ್ ರೆಡ್ಡಿ ದಯಾಕರ್ ರೆಡ್ಡಿ & ಶ್ರೀ ಬಿ.ಎಸ್ ಚೌಡರೆಡ್ಡಿ	ದೇವನಹಳ್ಳಿ	ಕಸಬಾ	ದೊಡ್ಡಪ್ಪನಹಳ್ಳಿ	57/3	0-11	ವಸತಿ	ವಾಣಿಜ್ಯ
					66/2	0-16		
ಷರಾ :- ಪ್ರಸ್ತಾವನೆಯಲ್ಲಿನ ಅರ್ಜಿದಾರರು ಪ್ರಸ್ತಿತ ಜಮೀನುಗಳನ್ನು ವಸತಿ ಉಪಯೋಗಕ್ಕೆ ಬಳಸಿಕೊಳ್ಳಲು ಸಾಧ್ಯವಾಗುತ್ತಿಲ್ಲವೆಂದು, ಸದರಿ ಜಮೀನುಗಳ ಪರಿಸರದಲ್ಲಿ ವಸತಿಯೇತರ ವಾಣಿಜ್ಯ ಅಭಿವೃದ್ಧಿ ಬೆಳವಣಿಗೆಗಳು ಬರುತ್ತಿದ್ದು, ಈ ಜಮೀನುಗಳ ಪರಿಸರದಲ್ಲಿ ವಾಣಿಜ್ಯ ಉದ್ದೇಶಕ್ಕೆ ಸಾರ್ವಜನಿಕರಿಂದ ತುಂಬ ಬೇಡಿಕೆಯಿದ್ದು, ಭವಿಷ್ಯದಲ್ಲಿ ವಾಣಿಜ್ಯ ಉದ್ದೇಶಕ್ಕೆ ಹೆಚ್ಚಿನ ಬೇಡಿಕೆ ಬರುವುದರಿಂದ ಪ್ರಸ್ತಾಪಿತ ಪ್ರದೇಶದಲ್ಲಿ ವಾಣಿಜ್ಯ ಅಭಿವೃದ್ಧಿಪಡಿಸಲು ಉದ್ದೇಶಿಸಿರುತ್ತೇವೆ ಅಲ್ಲದೇ, ಪ್ರಸ್ತಾಪಿತ ಜಮೀನುಗಳಲ್ಲಿ ವಾಣಿಜ್ಯ ಬೆಳವಣಿಗೆ ಅಭಿವೃದ್ಧಿಪಡಿಸುವುದರಿಂದ ಸುತ್ತಮುತ್ತಲಿನ ಸಾರ್ವಜನಿಕರಿಗೆ ಉದ್ಯೋಗಾವಕಾಶ ಸೃಷ್ಟಿಯಾಗುವುದರಿಂದ ಸಾರ್ವಜನಿಕ ಹಿತಾಸಕ್ತಿ ಅಂಶ ಅಡಗಿದೆ ಎಂದು ತಿಳಿಸುತ್ತಾ ಸದರಿ ಪ್ರದೇಶವನ್ನು ವಸತಿ ವಲಯ ದಿಂದ ವಾಣಿಜ್ಯ ಉದ್ದೇಶಕ್ಕೆ ಭೂಉಪಯೋಗ ಬದಲಾವಣೆ ಮಾಡಿಕೊಳ್ಳಲು ಇಚ್ಛಿಸಿರುವುದಾಗಿ ತಿಳಿಸಿರುತ್ತಾರೆ.
ಸಹಿ/-
ವಾಅಸಂಇ/ಜಾಪ್ರ/3191/ಅಡಕ್/2025-26
ನಗರ ಮತ್ತು ಗ್ರಾಮಾಂತರ ಯೋಜನಾ ಜಂಟಿ ನಿರ್ದೇಶಕರು
ಹಾಗೂ ಸದಸ್ಯ ಕಾರ್ಯದರ್ಶಿಗಳು, ಬಿ.ಐ.ಎ.ಎ.ಪಿ.ಎ. ದೇವನಹಳ್ಳಿ
ಬೆಂಗಳೂರು ಅಂತರಾಷ್ಟ್ರೀಯ ವಿಮಾನ ನಿಲ್ದಾಣ ಪ್ರದೇಶ ಯೋಜನಾ ಪ್ರಾಧಿಕಾರ, ದೇವನಹಳ್ಳಿ
ನಂ. 333/1, 1ನೇ ಮಹಡಿ, ವಿ.ಜಿ. ಕಾಂಪ್ಲೆಕ್ಸ್, ಸೂಲಿಬೆಲೆ ರಸ್ತೆ, ದೇವನಹಳ್ಳಿ ಟೌನ್, ಬೆಂಗಳೂರು ಗ್ರಾಮಾಂತರ ಜಿಲ್ಲೆ-562 110.
ಸಂ: ಬಿಐಎಪಿಪಿಎ/ಟಿಪಿ/ಭೂಉಬ/64/2025-26/1987	ದಿನಾಂಕ : 10.10.2025
ಪ್ರಕಟಣೆ
ಕರ್ನಾಟಕ ನಗರ ಮತ್ತು ಗ್ರಾಮಾಂತರ ಯೋಜನಾ ಕಾಯ್ದೆ 1961 ರ ಕಲಂ 14 (ಎ) ರ ಅಡಿಯಲ್ಲಿ ಈ ಕೆಳಕಂಡ ಅರ್ಜಿದಾರರು ವ್ಯವಸಾಯ ಭೂಉಪಯೋಗ ವಲಯದಿಂದ ವಸತಿ ವಲಯಕ್ಕೆ ಭೂಉಪಯೋಗ ಬದಲಾವಣೆ ಕೋರಿ ಅರ್ಜಿ ಸಲ್ಲಿಸಿರುತ್ತಾರೆ. ಭೂಉಪಯೋಗ ಬದಲಾವಣೆಯ ಪ್ರಸ್ತಾವನೆಯ ವಿವರಗಳು ಈ ಕೆಳಕಂಡಂತೆ ಇರುತ್ತದೆ. ಸದರಿ ಭೂಉಪಯೋಗ ಬದಲಾವಣೆ ಪ್ರಸ್ತಾವನೆ ಬಗ್ಗೆ ಯಾವುದೇ ಆಕ್ಷೇಪಣೆಗಳಿದ್ದರೆ, ಈ ಪ್ರಕಟಣೆ ಪ್ರಕಟವಾದ ದಿನಾಂಕದಿಂದ 15 ದಿವಸಗಳೊಳಗಾಗಿ ಆಕ್ಷೇಪಣೆಗಳನ್ನು ಲಿಖಿತವಾಗಿ ಸದಸ್ಯ ಕಾರ್ಯದರ್ಶಿಗಳು, ಬೆಂಗಳೂರು ಅಂತರಾಷ್ಟ್ರೀಯ ವಿಮಾನ ನಿಲ್ದಾಣ ಪ್ರದೇಶ ಯೋಜನಾ ಪ್ರಾಧಿಕಾರ, ದೇವನಹಳ್ಳಿ ಕಛೇರಿಗೆ ಸಲ್ಲಿಸಲು ತಿಳಿಸಲಾಗಿದೆ. ನಿಗದಿತ ಅವಧಿಯ ನಂತರ ಬರುವ ಯಾವುದೇ ಆಕ್ಷೇಪಣೆಗಳನ್ನು ಪರಿಗಣಿಸುವುದಿಲ್ಲ.
ಕ್ರ. ಸಂ.	ಅರ್ಜಿದಾರರ ಹೆಸರು	ತಾಲ್ಲೂಕು	ಹೋಬಳಿ	ಗ್ರಾಮದ ವಿವರ	ಸರ್ವೆ ನಂ.	ವಿಸ್ತೀರ್ಣ ಎ-ಗು	ಮಹಾ ಯೋಜನೆಯ ಪ್ರಕಾರ ಭೂ ಉಪಯೋಗ	ಬದಲಾವಣೆ ಕೋರಿರುವ ಭೂ ಉಪಯೋಗ
1.	ಶ್ರೀ ಬಿ.ಎಸ್ ವಿಜಯಕುಮಾರ್ ಬಿನ್ ಕೆ.ಎಸ್ ಭದ್ರಪ್ಪ	ದೇವನಹಳ್ಳಿ	ಕಸಬಾ	ಉಗನವಾಡಿ	39/5	0-34	ವ್ಯವಸಾಯ	ವಸತಿ
2	ಶ್ರೀ ಅಶ್ವತ್ಥನಾರಾಯಣ ಬಿನ್ ಹನುಮಂತರಾಯಪ್ಪ	ದೇವನಹಳ್ಳಿ	ಕಸಬಾ	ಕೆಂಪತಿಮ್ಮನಹಳ್ಳಿ	97	2-36 + 0-06(ಬಿ 'ಖ' ಖರಾಬು)	ವ್ಯವಸಾಯ	ವಸತಿ
* ಪ್ರಸ್ತಿತ ಜಮೀನಿನಲ್ಲಿ ಅನುಮೋದಿತ ಮಹಾಯೋಜನೆಯಂತೆ ಪ್ರಸ್ತಾಪಿತ ಮಧ್ಯಂತರ ವರ್ತುಲ ರಸ್ತೆ (ಐಆರ್‌ಆರ್ ರಸ್ತೆ) ಹಾದುಹೋಗಿದ್ದು, ಯಥಾವತ್ತಾಗಿ ಕಾಯ್ದಿರಿಸಲಾಗುತ್ತದೆ.
ಷರಾ : ಪ್ರಸ್ತಾವನೆಯಲ್ಲಿನ ಅರ್ಜಿದಾರರುಗಳು ಪ್ರಸ್ತಿತ ಜಮೀನುಗಳನ್ನು ವ್ಯವಸಾಯ ಉಪಯೋಗಕ್ಕೆ ಬಳಸಿಕೊಳ್ಳಲು ಸಾಧ್ಯವಾಗುತ್ತಿಲ್ಲವೆಂದು, ಹಾಗೂ ಪರಿಸರದಲ್ಲಿ ವಸತಿ ಬೆಳವಣಿಗೆಗೆ ಅತಿ ಹೆಚ್ಚು ಬೇಡಿಕೆ ಇದ್ದು, ಸದರಿ ಜಮೀನುಗಳನ್ನು ವ್ಯವಸಾಯ ವಲಯದಿಂದ ವಸತಿ ವಲಯಕ್ಕೆ ಭೂಉಪಯೋಗ ಬದಲಾವಣೆಗೊಂಡ ನಂತರ ವಸತಿ ಉದ್ದೇಶಕ್ಕೆ ಭೂಅಭಿವೃದ್ಧಿ ಪ್ರಾಧಿಕಾರದಿಂದ ಅನುಮೋದನೆ ಪಡೆದು, ಯೋಜನಾ ಬದ್ಧ ಅಭಿವೃದ್ಧಿ ಕಾರ್ಯಗಳಿಂದ ಸ್ಥಳೀಯರಿಗೆ ಉದ್ಯೋಗಾವಕಾಶ ಸೃಷ್ಟಿ ಹಾಗೂ ಮೂಲ ಸೌಕರ್ಯ ಅಭಿವೃದ್ಧಿಯಾಗುವುದರಿಂದ ಸಾರ್ವಜನಿಕ ಹಿತಾಸಕ್ತಿ ಅಂಶ ಅಡಗಿದೆ ಎಂದು ತಿಳಿಸುತ್ತಾ ಸದರಿ ಪ್ರದೇಶವನ್ನು 'ವ್ಯವಸಾಯ ಭೂಉಪಯೋಗ ವಲಯ' ದಿಂದ 'ವಸತಿ ವಲಯ' ಕ್ಕೆ ಭೂಉಪಯೋಗ ಬದಲಾವಣೆ ಮಾಡಿಕೊಳ್ಳಲು ಇಚ್ಛಿಸಿರುವುದಾಗಿ ತಿಳಿಸಿರುತ್ತಾರೆ.
ವಾ.ಸಾ.ಸಂ.ಇ/ಜಾಪ್ರ/3210/2025-26
ಸಹಿ/- ನಗರ ಮತ್ತು ಗ್ರಾಮಾಂತರ ಯೋಜನಾ ಜಂಟಿ ನಿರ್ದೇಶಕರು
ಹಾಗೂ ಸದಸ್ಯ ಕಾರ್ಯದರ್ಶಿಗಳು, ಬಿ.ಐ.ಎ.ಎ.ಪಿ.ಎ. ದೇವನಹಳ್ಳಿ
ಬೆಂಗಳೂರು ಅಂತರಾಷ್ಟ್ರೀಯ ವಿಮಾನ ನಿಲ್ದಾಣ ಪ್ರದೇಶ ಯೋಜನಾ ಪ್ರಾಧಿಕಾರ, ದೇವನಹಳ್ಳಿ
ನಂ. 333/1, 1ನೇ ಮಹಡಿ, ವಿ.ಜಿ. ಕಾಂಪ್ಲೆಕ್ಸ್, ಸೂಲಿಬೆಲೆ ರಸ್ತೆ, ದೇವನಹಳ್ಳಿ ಟೌನ್, ಬೆಂಗಳೂರು ಗ್ರಾಮಾಂತರ ಜಿಲ್ಲೆ - 562110.
ಸಂಖ್ಯೆ: ಬಿಐಎಪಿಪಿಎ/ಟಿಪಿ/ಭೂಉಬ/52/2025-26/1964	ದಿನಾಂಕ: 09-10-2025
ಪ್ರಕಟಣೆ
ಕರ್ನಾಟಕ ನಗರ ಮತ್ತು ಗ್ರಾಮಾಂತರ ಯೋಜನಾ ಕಾಯ್ದೆ 1961 ರ ಕಲಂ 14 (ಎ) ರ ಅಡಿಯಲ್ಲಿ ಈ ಕೆಳಕಂಡ ಅರ್ಜಿದಾರರು ವಸತಿ ವಲಯದಿಂದ ವಾಣಿಜ್ಯ ವಲಯಕ್ಕೆ ಭೂಉಪಯೋಗ ಬದಲಾವಣೆ ಕೋರಿ ಅರ್ಜಿ ಸಲ್ಲಿಸಿರುತ್ತಾರೆ. ಭೂಉಪಯೋಗ ಬದಲಾವಣೆಯ ಪ್ರಸ್ತಾವನೆಯ ವಿವರಗಳು ಈ ಕೆಳಕಂಡಂತೆ ಇರುತ್ತದೆ. ಸದರಿ ಭೂಉಪಯೋಗ ಬದಲಾವಣೆ ಪ್ರಸ್ತಾವನೆ ಬಗ್ಗೆ ಯಾವುದೇ ಆಕ್ಷೇಪಣೆಗಳಿದ್ದರೆ, ಈ ಪ್ರಕಟಣೆ ಪ್ರಕಟವಾದ ದಿನಾಂಕದಿಂದ 15 ದಿವಸಗಳೊಳಗಾಗಿ ಆಕ್ಷೇಪಣೆಗಳನ್ನು ಲಿಖಿತವಾಗಿ ಸದಸ್ಯ ಕಾರ್ಯದರ್ಶಿಗಳು, ಬೆಂಗಳೂರು ಅಂತರಾಷ್ಟ್ರೀಯ ವಿಮಾನ ನಿಲ್ದಾಣ ಪ್ರದೇಶ ಯೋಜನಾ ಪ್ರಾಧಿಕಾರ, ದೇವನಹಳ್ಳಿ ಕಛೇರಿಗೆ ಸಲ್ಲಿಸಲು ತಿಳಿಸಲಾಗಿದೆ. ನಿಗದಿತ ಅವಧಿಯ ನಂತರ ಬರುವ ಯಾವುದೇ ಆಕ್ಷೇಪಣೆಗಳನ್ನು ಪರಿಗಣಿಸುವುದಿಲ್ಲ.
ಕ್ರ ಸಂ.	ಅರ್ಜಿದಾರರ ಹೆಸರು	ತಾಲ್ಲೂಕು	ಹೋಬಳಿ	ಗ್ರಾಮದ ವಿವರ	ಸರ್ವೆ ನಂ.	ವಿಸ್ತೀರ್ಣ ಎ-ಗು	ಮಹಾ ಯೋಜನೆಯ ಪ್ರಕಾರ ಭೂ ಉಪಯೋಗ	ಬದಲಾವಣೆ ಕೋರಿರುವ ಭೂ ಉಪಯೋಗ
1	ಶ್ರೀಮತಿ ಇಂದಿರ ಎಸ್.ಆರ್ ಕೋಂ ಆರ್. ಕೇಶವ	ದೇವನಹಳ್ಳಿ	ವಿಜಯಪುರ	ವಿಜಯಪುರ	516/2	0-17.08 & 0-05 'ಬಿ' ಖರಾಬು	ವಸತಿ	ವಾಣಿಜ್ಯ
ಷರಾ:- ಪ್ರಸ್ತಾವನೆಯಲ್ಲಿ ಅರ್ಜಿದಾರರು ಪ್ರಸ್ತಿತ ಜಮೀನನ್ನು ವಸತಿ ಉಪಯೋಗಕ್ಕೆ ಬಳಸಿಕೊಳ್ಳಲು ಸಾಧ್ಯವಾಗುತ್ತಿಲ್ಲ ಹಾಗೂ ಪರಿಸರದಲ್ಲಿ ವಸತಿ/ವಸತಿಯೇತರ ಅಭಿವೃದ್ಧಿ ಬೆಳವಣಿಗೆಗಳು ಬರುತ್ತಿದ್ದು, ಈ ಜಮೀನಿನ ಪರಿಸರದಲ್ಲಿ 'ವಾಣಿಜ್ಯ' ಉದ್ದೇಶಕ್ಕೆ ಸಾರ್ವಜನಿಕರಿಂದ ತುಂಬ ಬೇಡಿಕೆಯಿದ್ದು, ಭವಿಷ್ಯದಲ್ಲಿ 'ವಾಣಿಜ್ಯ' ಉದ್ದೇಶಕ್ಕೆ ಹೆಚ್ಚಿನ ಬೇಡಿಕೆ ಬರುವುದರಿಂದ ಪ್ರಸ್ತಾಪಿತ ಪ್ರದೇಶದಲ್ಲಿ 'ವಾಣಿಜ್ಯ' ಬೆಳವಣಿಗೆಗಳನ್ನು ಅಭಿವೃದ್ಧಿಪಡಿಸಲು ಉದ್ದೇಶಿಸಿರುತ್ತೇವೆ. ಅಲ್ಲದೇ, ಪ್ರಸ್ತಾಪಿತ ಜಮೀನಿನಲ್ಲಿ 'ವಾಣಿಜ್ಯ' ಬೆಳವಣಿಗೆ ಅಭಿವೃದ್ಧಿಪಡಿಸುವುದರಿಂದ ಸುತ್ತಮುತ್ತಲಿನ ಸಾರ್ವಜನಿಕರಿಗೆ ಉದ್ಯೋಗಾವಕಾಶ ಸೃಷ್ಟಿಯಾಗುವುದರಿಂದ ಸಾರ್ವಜನಿಕ ಹಿತಾಸಕ್ತಿ ಅಂಶ ಅಡಗಿದೆ ಎಂದು ತಿಳಿಸುತ್ತಾ ಸದರಿ ಜಮೀನನ್ನು 'ವಸತಿ ವಲಯ' ದಿಂದ 'ವಾಣಿಜ್ಯ ವಲಯ' ಕ್ಕೆ ಭೂಉಪಯೋಗ ಬದಲಾವಣೆ ಮಾಡಿಕೊಳ್ಳಲು ಇಚ್ಛಿಸಿರುವುದಾಗಿ ತಿಳಿಸಿರುತ್ತಾರೆ.
ವಾಅಸಂಇ/ಜಾ.ಪ್ರ/3185/ಎಡಕ/2025-26
ಸಹಿ/- ನಗರ ಮತ್ತು ಗ್ರಾಮಾಂತರ ಯೋಜನಾ ಜಂಟಿ ನಿರ್ದೇಶಕರು
ಹಾಗೂ ಸದಸ್ಯ ಕಾರ್ಯದರ್ಶಿಗಳು, ಬಿ.ಐ.ಎ.ಎ.ಪಿ.ಎ. ದೇವನಹಳ್ಳಿ
